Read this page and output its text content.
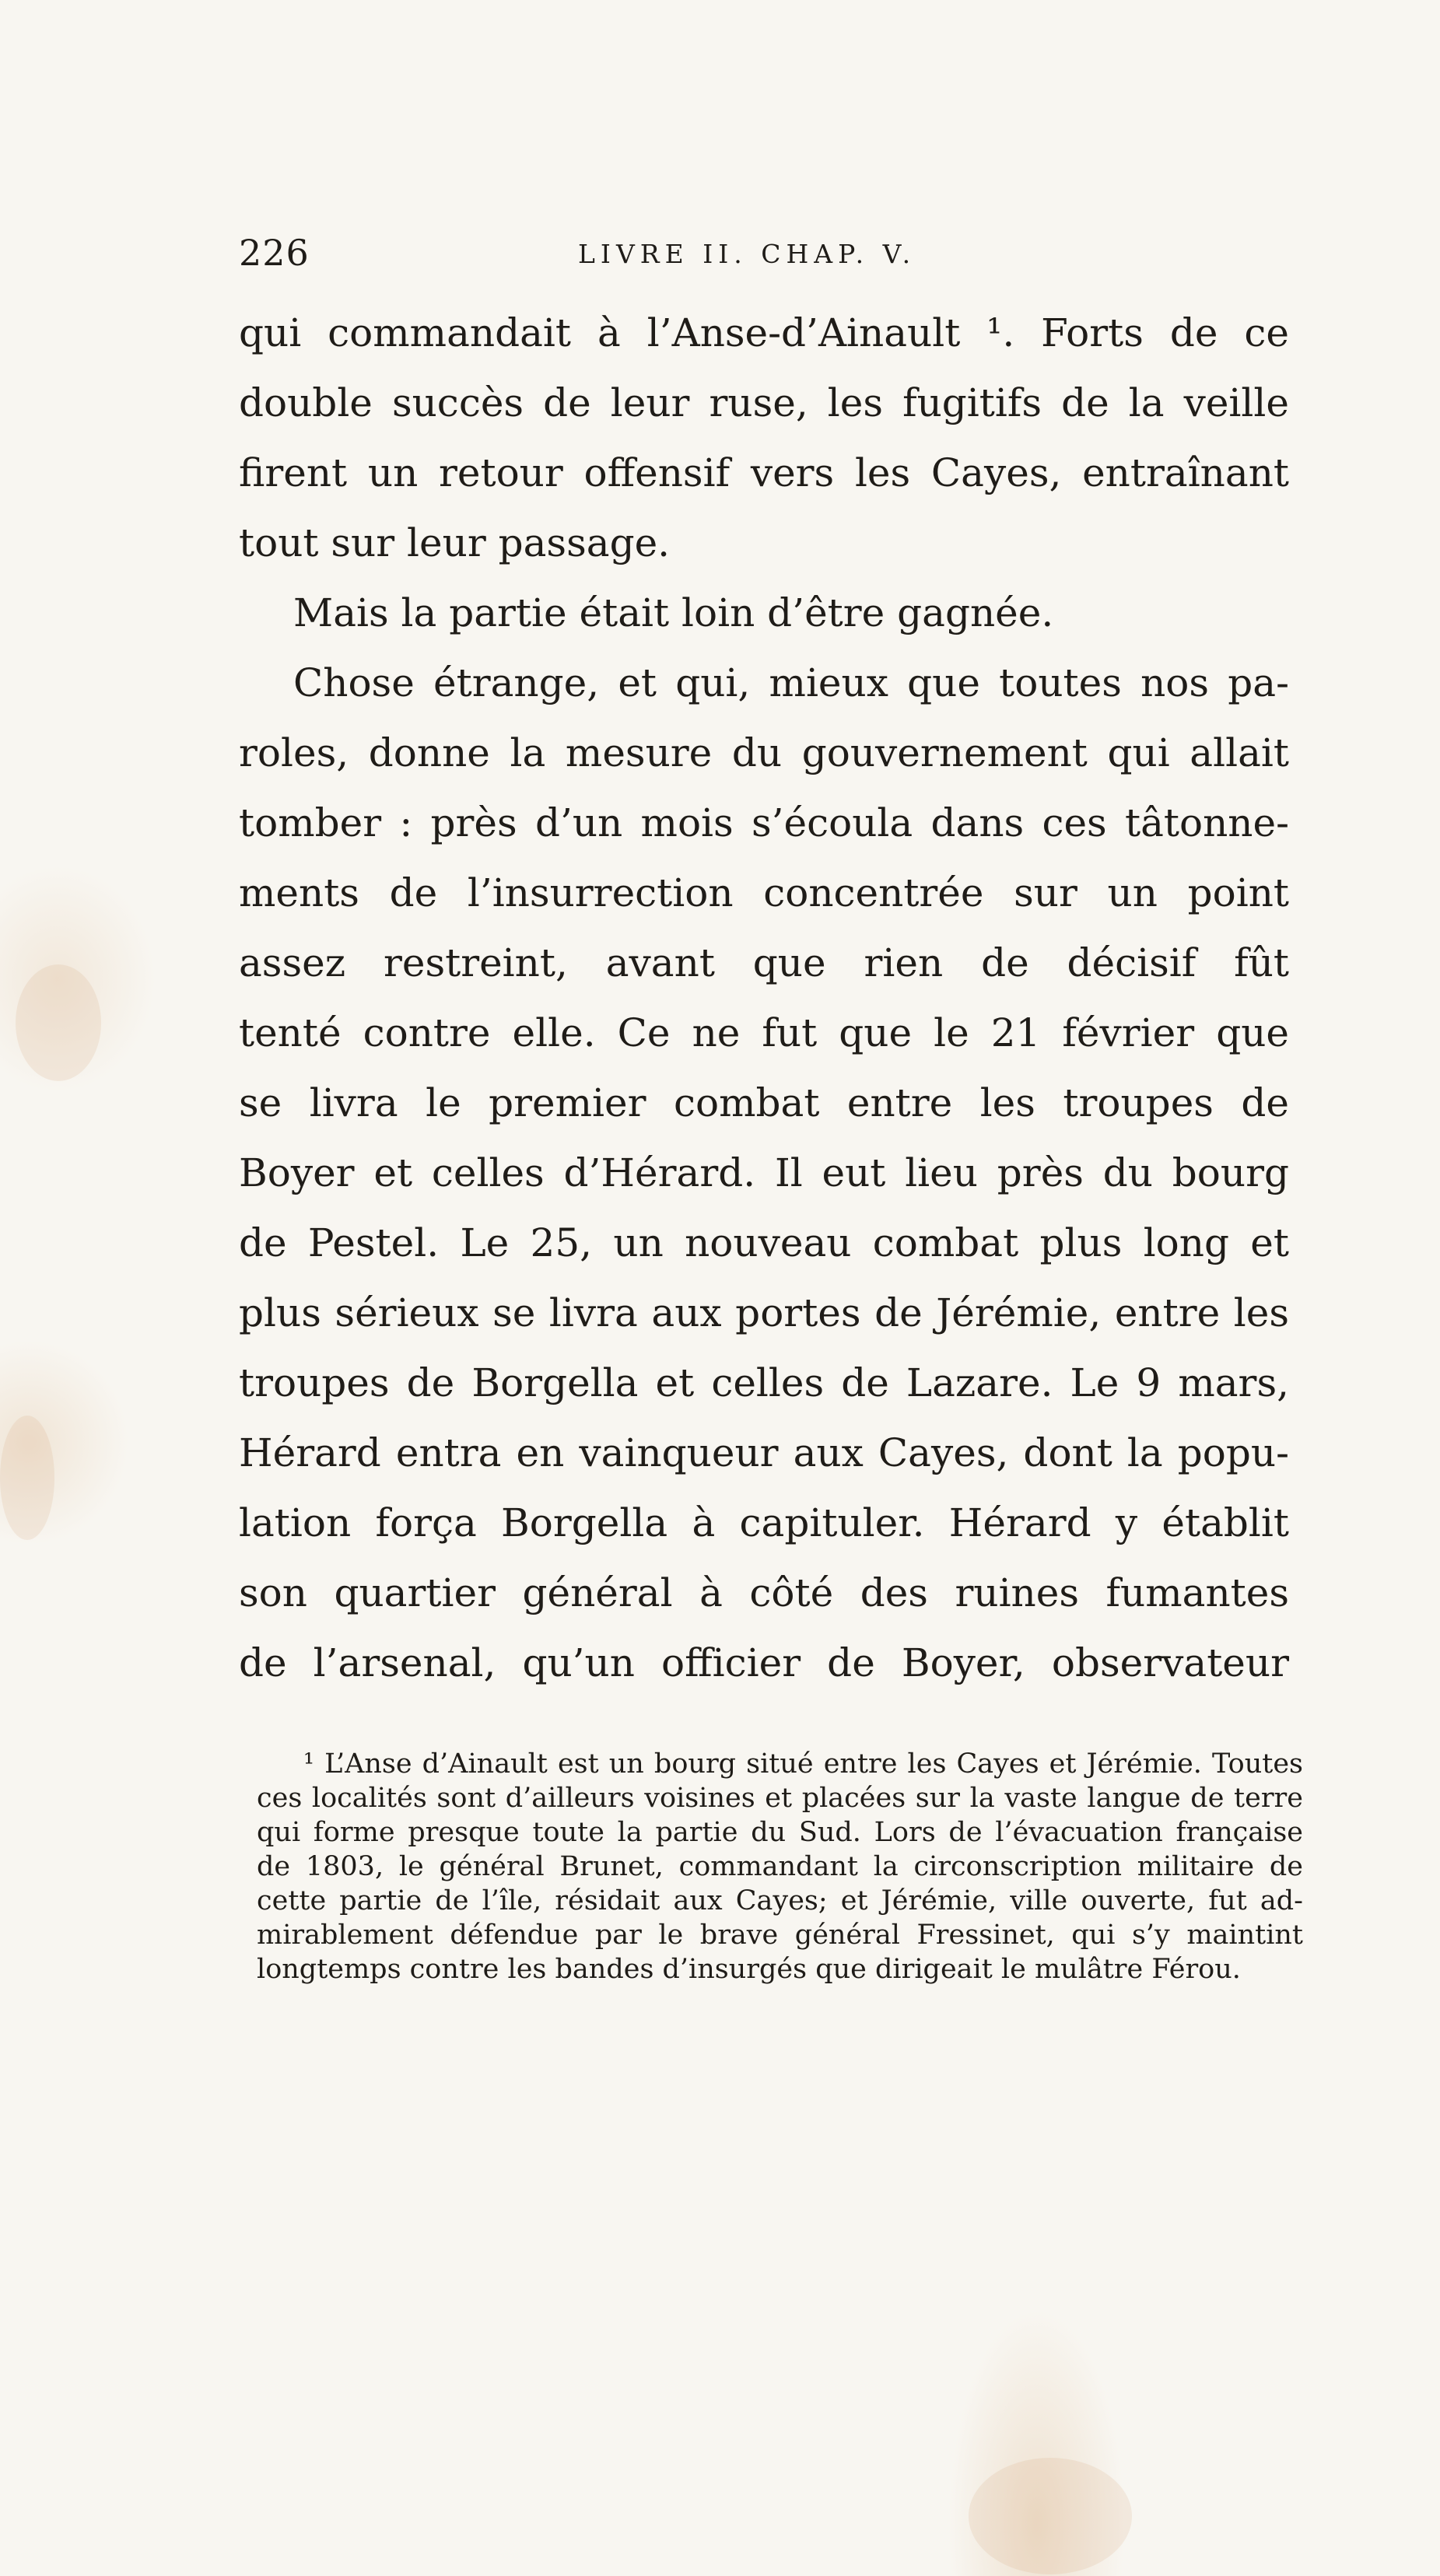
226	LIVRE II. CHAP. V.
qui commandait à l’Anse-d’Ainault ¹. Forts de ce
double succès de leur ruse, les fugitifs de la veille
firent un retour offensif vers les Cayes, entraînant
tout sur leur passage.
Mais la partie était loin d’être gagnée.
Chose étrange, et qui, mieux que toutes nos pa-
roles, donne la mesure du gouvernement qui allait
tomber : près d’un mois s’écoula dans ces tâtonne-
ments de l’insurrection concentrée sur un point
assez restreint, avant que rien de décisif fût
tenté contre elle. Ce ne fut que le 21 février que
se livra le premier combat entre les troupes de
Boyer et celles d’Hérard. Il eut lieu près du bourg
de Pestel. Le 25, un nouveau combat plus long et
plus sérieux se livra aux portes de Jérémie, entre les
troupes de Borgella et celles de Lazare. Le 9 mars,
Hérard entra en vainqueur aux Cayes, dont la popu-
lation força Borgella à capituler. Hérard y établit
son quartier général à côté des ruines fumantes
de l’arsenal, qu’un officier de Boyer, observateur
¹ L’Anse d’Ainault est un bourg situé entre les Cayes et Jérémie. Toutes
ces localités sont d’ailleurs voisines et placées sur la vaste langue de terre
qui forme presque toute la partie du Sud. Lors de l’évacuation française
de 1803, le général Brunet, commandant la circonscription militaire de
cette partie de l’île, résidait aux Cayes; et Jérémie, ville ouverte, fut ad-
mirablement défendue par le brave général Fressinet, qui s’y maintint
longtemps contre les bandes d’insurgés que dirigeait le mulâtre Férou.
